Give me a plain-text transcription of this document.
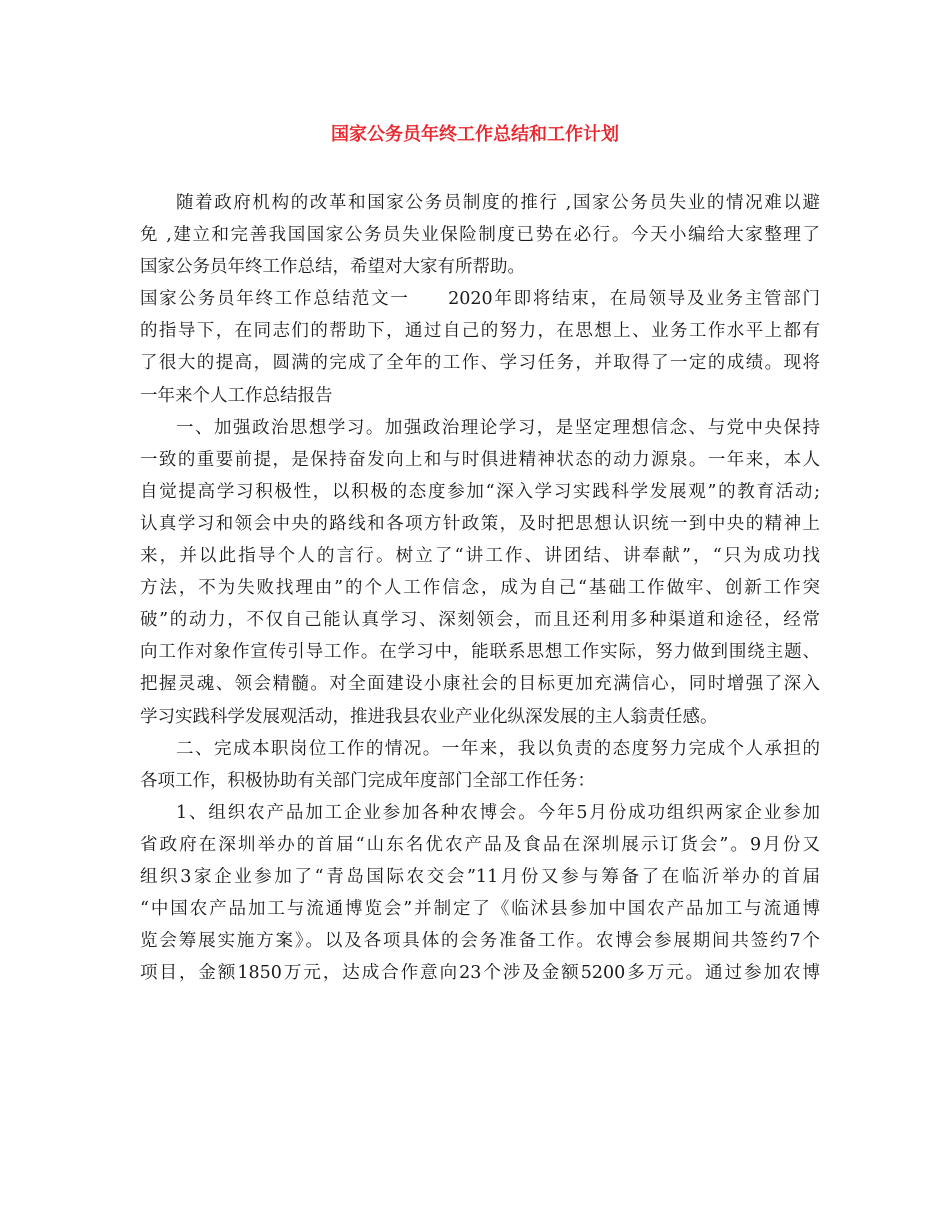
国家公务员年终工作总结和工作计划
随着政府机构的改革和国家公务员制度的推行 ,国家公务员失业的情况难以避
免 ,建立和完善我国国家公务员失业保险制度已势在必行。今天小编给大家整理了
国家公务员年终工作总结，希望对大家有所帮助。
国家公务员年终工作总结范文一　　2020年即将结束，在局领导及业务主管部门
的指导下，在同志们的帮助下，通过自己的努力，在思想上、业务工作水平上都有
了很大的提高，圆满的完成了全年的工作、学习任务，并取得了一定的成绩。现将
一年来个人工作总结报告
一、加强政治思想学习。加强政治理论学习，是坚定理想信念、与党中央保持
一致的重要前提，是保持奋发向上和与时俱进精神状态的动力源泉。一年来，本人
自觉提高学习积极性，以积极的态度参加“深入学习实践科学发展观”的教育活动;
认真学习和领会中央的路线和各项方针政策，及时把思想认识统一到中央的精神上
来，并以此指导个人的言行。树立了“讲工作、讲团结、讲奉献”，“只为成功找
方法，不为失败找理由”的个人工作信念，成为自己“基础工作做牢、创新工作突
破”的动力，不仅自己能认真学习、深刻领会，而且还利用多种渠道和途径，经常
向工作对象作宣传引导工作。在学习中，能联系思想工作实际，努力做到围绕主题、
把握灵魂、领会精髓。对全面建设小康社会的目标更加充满信心，同时增强了深入
学习实践科学发展观活动，推进我县农业产业化纵深发展的主人翁责任感。
二、完成本职岗位工作的情况。一年来，我以负责的态度努力完成个人承担的
各项工作，积极协助有关部门完成年度部门全部工作任务：
1、组织农产品加工企业参加各种农博会。今年5月份成功组织两家企业参加
省政府在深圳举办的首届“山东名优农产品及食品在深圳展示订货会”。9月份又
组织3家企业参加了“青岛国际农交会”11月份又参与筹备了在临沂举办的首届
“中国农产品加工与流通博览会”并制定了《临沭县参加中国农产品加工与流通博
览会筹展实施方案》。以及各项具体的会务准备工作。农博会参展期间共签约7个
项目，金额1850万元，达成合作意向23个涉及金额5200多万元。通过参加农博
